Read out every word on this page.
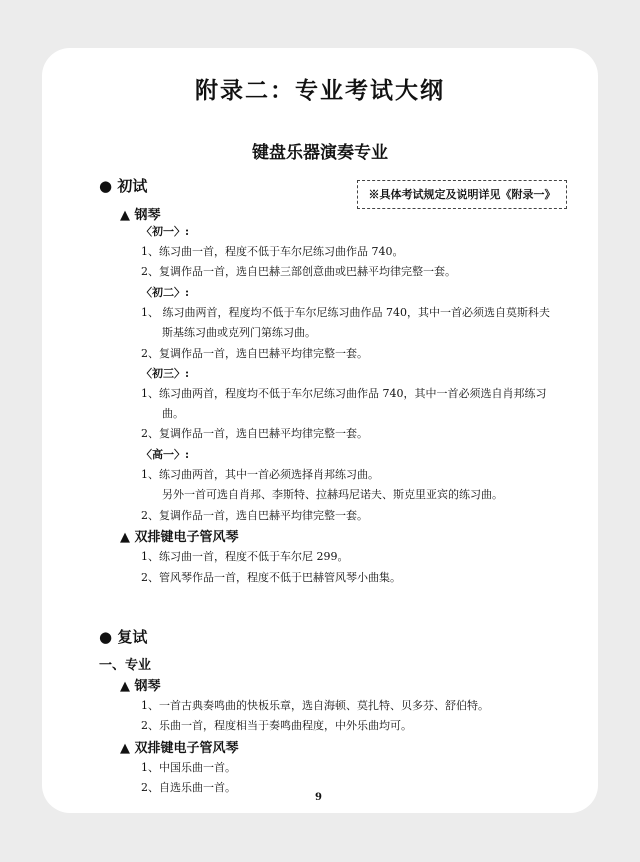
附录二：专业考试大纲
键盘乐器演奏专业
※具体考试规定及说明详见《附录一》
● 初试
▲ 钢琴
〈初一〉:
1、练习曲一首，程度不低于车尔尼练习曲作品 740。
2、复调作品一首，选自巴赫三部创意曲或巴赫平均律完整一套。
〈初二〉:
1、 练习曲两首，程度均不低于车尔尼练习曲作品 740，其中一首必须选自莫斯科夫
斯基练习曲或克列门第练习曲。
2、复调作品一首，选自巴赫平均律完整一套。
〈初三〉:
1、练习曲两首，程度均不低于车尔尼练习曲作品 740，其中一首必须选自肖邦练习
曲。
2、复调作品一首，选自巴赫平均律完整一套。
〈高一〉:
1、练习曲两首，其中一首必须选择肖邦练习曲。
另外一首可选自肖邦、李斯特、拉赫玛尼诺夫、斯克里亚宾的练习曲。
2、复调作品一首，选自巴赫平均律完整一套。
▲ 双排键电子管风琴
1、练习曲一首，程度不低于车尔尼 299。
2、管风琴作品一首，程度不低于巴赫管风琴小曲集。
● 复试
一、专业
▲ 钢琴
1、一首古典奏鸣曲的快板乐章，选自海顿、莫扎特、贝多芬、舒伯特。
2、乐曲一首，程度相当于奏鸣曲程度，中外乐曲均可。
▲ 双排键电子管风琴
1、中国乐曲一首。
2、自选乐曲一首。
9
